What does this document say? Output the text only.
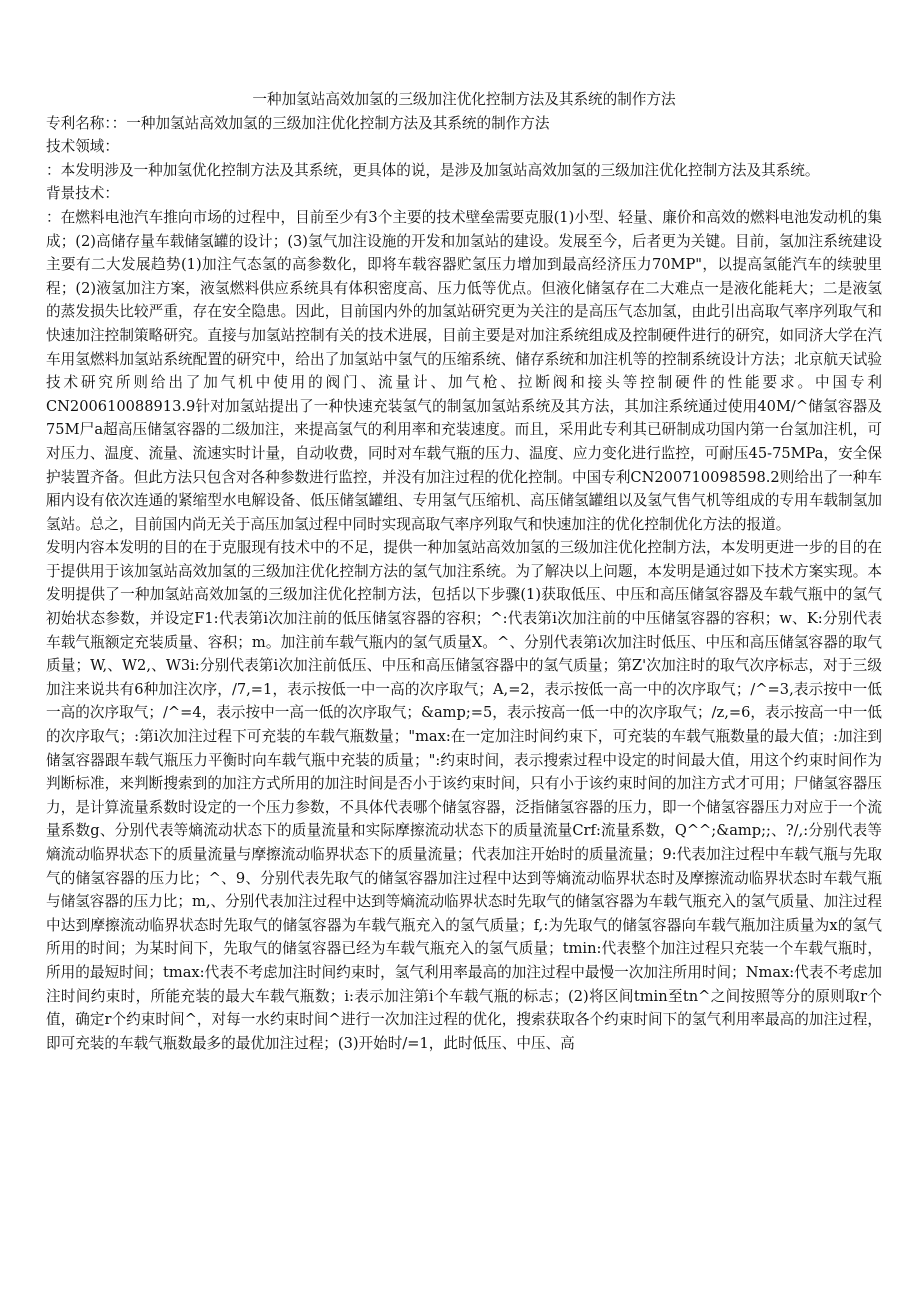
一种加氢站高效加氢的三级加注优化控制方法及其系统的制作方法

专利名称：：一种加氢站高效加氢的三级加注优化控制方法及其系统的制作方法

技术领域：

：本发明涉及一种加氢优化控制方法及其系统，更具体的说，是涉及加氢站高效加氢的三级加注优化控制方法及其系统。

背景技术：

：在燃料电池汽车推向市场的过程中，目前至少有3个主要的技术壁垒需要克服(1)小型、轻量、廉价和高效的燃料电池发动机的集成；(2)高储存量车载储氢罐的设计；(3)氢气加注设施的开发和加氢站的建设。发展至今，后者更为关键。目前，氢加注系统建设主要有二大发展趋势(1)加注气态氢的高参数化，即将车载容器贮氢压力增加到最高经济压力70MP"，以提高氢能汽车的续驶里程；(2)液氢加注方案，液氢燃料供应系统具有体积密度高、压力低等优点。但液化储氢存在二大难点一是液化能耗大；二是液氢的蒸发损失比较严重，存在安全隐患。因此，目前国内外的加氢站研究更为关注的是高压气态加氢，由此引出高取气率序列取气和快速加注控制策略研究。直接与加氢站控制有关的技术进展，目前主要是对加注系统组成及控制硬件进行的研究，如同济大学在汽车用氢燃料加氢站系统配置的研究中，给出了加氢站中氢气的压缩系统、储存系统和加注机等的控制系统设计方法；北京航天试验技术研究所则给出了加气机中使用的阀门、流量计、加气枪、拉断阀和接头等控制硬件的性能要求。中国专利CN200610088913.9针对加氢站提出了一种快速充装氢气的制氢加氢站系统及其方法，其加注系统通过使用40M/^储氢容器及75M尸a超高压储氢容器的二级加注，来提高氢气的利用率和充装速度。而且，采用此专利其已研制成功国内第一台氢加注机，可对压力、温度、流量、流速实时计量，自动收费，同时对车载气瓶的压力、温度、应力变化进行监控，可耐压45-75MPa，安全保护装置齐备。但此方法只包含对各种参数进行监控，并没有加注过程的优化控制。中国专利CN200710098598.2则给出了一种车厢内设有依次连通的紧缩型水电解设备、低压储氢罐组、专用氢气压缩机、高压储氢罐组以及氢气售气机等组成的专用车载制氢加氢站。总之，目前国内尚无关于高压加氢过程中同时实现高取气率序列取气和快速加注的优化控制优化方法的报道。

发明内容本发明的目的在于克服现有技术中的不足，提供一种加氢站高效加氢的三级加注优化控制方法，本发明更进一步的目的在于提供用于该加氢站高效加氢的三级加注优化控制方法的氢气加注系统。为了解决以上问题，本发明是通过如下技术方案实现。本发明提供了一种加氢站高效加氢的三级加注优化控制方法，包括以下步骤(1)获取低压、中压和高压储氢容器及车载气瓶中的氢气初始状态参数，并设定F1:代表第i次加注前的低压储氢容器的容积；^:代表第i次加注前的中压储氢容器的容积；w、K:分别代表车载气瓶额定充装质量、容积；m。加注前车载气瓶内的氢气质量X。^、分别代表第i次加注时低压、中压和高压储氢容器的取气质量；W,、W2,、W3i:分别代表第i次加注前低压、中压和高压储氢容器中的氢气质量；第Z'次加注时的取气次序标志，对于三级加注来说共有6种加注次序，/7,=1，表示按低一中一高的次序取气；A,=2，表示按低一高一中的次序取气；/^=3,表示按中一低一高的次序取气；/^=4，表示按中一高一低的次序取气；&amp;=5，表示按高一低一中的次序取气；/z,=6，表示按高一中一低的次序取气；:第i次加注过程下可充装的车载气瓶数量；"max:在一定加注时间约束下，可充装的车载气瓶数量的最大值；:加注到储氢容器跟车载气瓶压力平衡时向车载气瓶中充装的质量；":约束时间，表示搜索过程中设定的时间最大值，用这个约束时间作为判断标准，来判断搜索到的加注方式所用的加注时间是否小于该约束时间，只有小于该约束时间的加注方式才可用；尸储氢容器压力，是计算流量系数时设定的一个压力参数，不具体代表哪个储氢容器，泛指储氢容器的压力，即一个储氢容器压力对应于一个流量系数g、分别代表等熵流动状态下的质量流量和实际摩擦流动状态下的质量流量Crf:流量系数，Q^^;&amp;;、?/,:分别代表等熵流动临界状态下的质量流量与摩擦流动临界状态下的质量流量；代表加注开始时的质量流量；9:代表加注过程中车载气瓶与先取气的储氢容器的压力比；^、9、分别代表先取气的储氢容器加注过程中达到等熵流动临界状态时及摩擦流动临界状态时车载气瓶与储氢容器的压力比；m,、分别代表加注过程中达到等熵流动临界状态时先取气的储氢容器为车载气瓶充入的氢气质量、加注过程中达到摩擦流动临界状态时先取气的储氢容器为车载气瓶充入的氢气质量；f,:为先取气的储氢容器向车载气瓶加注质量为x的氢气所用的时间；为某时间下，先取气的储氢容器已经为车载气瓶充入的氢气质量；tmin:代表整个加注过程只充装一个车载气瓶时，所用的最短时间；tmax:代表不考虑加注时间约束时，氢气利用率最高的加注过程中最慢一次加注所用时间；Nmax:代表不考虑加注时间约束时，所能充装的最大车载气瓶数；i:表示加注第i个车载气瓶的标志；(2)将区间tmin至tn^之间按照等分的原则取r个值，确定r个约束时间^，对每一水约束时间^进行一次加注过程的优化，搜索获取各个约束时间下的氢气利用率最高的加注过程，即可充装的车载气瓶数最多的最优加注过程；(3)开始时/=1，此时低压、中压、高
